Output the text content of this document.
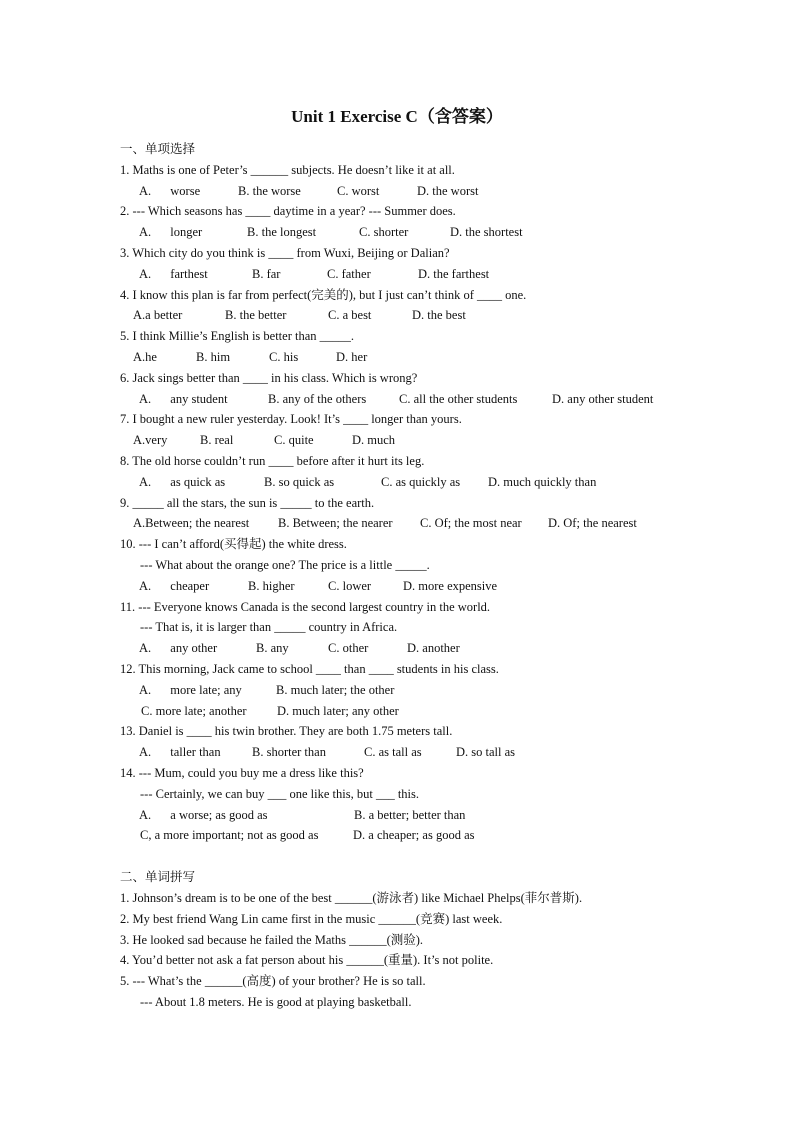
Unit 1 Exercise C（含答案）
一、单项选择
1. Maths is one of Peter’s ______ subjects. He doesn’t like it at all.
A. worse	B. the worse	C. worst	D. the worst
2. --- Which seasons has ____ daytime in a year? --- Summer does.
A. longer	B. the longest	C. shorter	D. the shortest
3. Which city do you think is ____ from Wuxi, Beijing or Dalian?
A. farthest	B. far	C. father	D. the farthest
4. I know this plan is far from perfect(完美的), but I just can’t think of ____ one.
A.a better	B. the better	C. a best	D. the best
5. I think Millie’s English is better than _____.
A.he	B. him	C. his	D. her
6. Jack sings better than ____ in his class. Which is wrong?
A. any student	B. any of the others	C. all the other students	D. any other student
7. I bought a new ruler yesterday. Look! It’s ____ longer than yours.
A.very	B. real	C. quite	D. much
8. The old horse couldn’t run ____ before after it hurt its leg.
A. as quick as	B. so quick as	C. as quickly as D. much quickly than
9. _____ all the stars, the sun is _____ to the earth.
A.Between; the nearest B. Between; the nearer C. Of; the most near D. Of; the nearest
10. --- I can’t afford(买得起) the white dress.
--- What about the orange one? The price is a little _____.
A. cheaper	B. higher	C. lower	D. more expensive
11. --- Everyone knows Canada is the second largest country in the world.
--- That is, it is larger than _____ country in Africa.
A. any other	B. any	C. other	D. another
12. This morning, Jack came to school ____ than ____ students in his class.
A. more late; any	B. much later; the other
C. more late; another D. much later; any other
13. Daniel is ____ his twin brother. They are both 1.75 meters tall.
A. taller than	B. shorter than	C. as tall as	D. so tall as
14. --- Mum, could you buy me a dress like this?
--- Certainly, we can buy ___ one like this, but ___ this.
A. a worse; as good as	B. a better; better than
C, a more important; not as good as	D. a cheaper; as good as
二、单词拼写
1. Johnson’s dream is to be one of the best ______(游泳者) like Michael Phelps(菲尔普斯).
2. My best friend Wang Lin came first in the music ______(竞赛) last week.
3. He looked sad because he failed the Maths ______(测验).
4. You’d better not ask a fat person about his ______(重量). It’s not polite.
5. --- What’s the ______(高度) of your brother? He is so tall.
--- About 1.8 meters. He is good at playing basketball.
